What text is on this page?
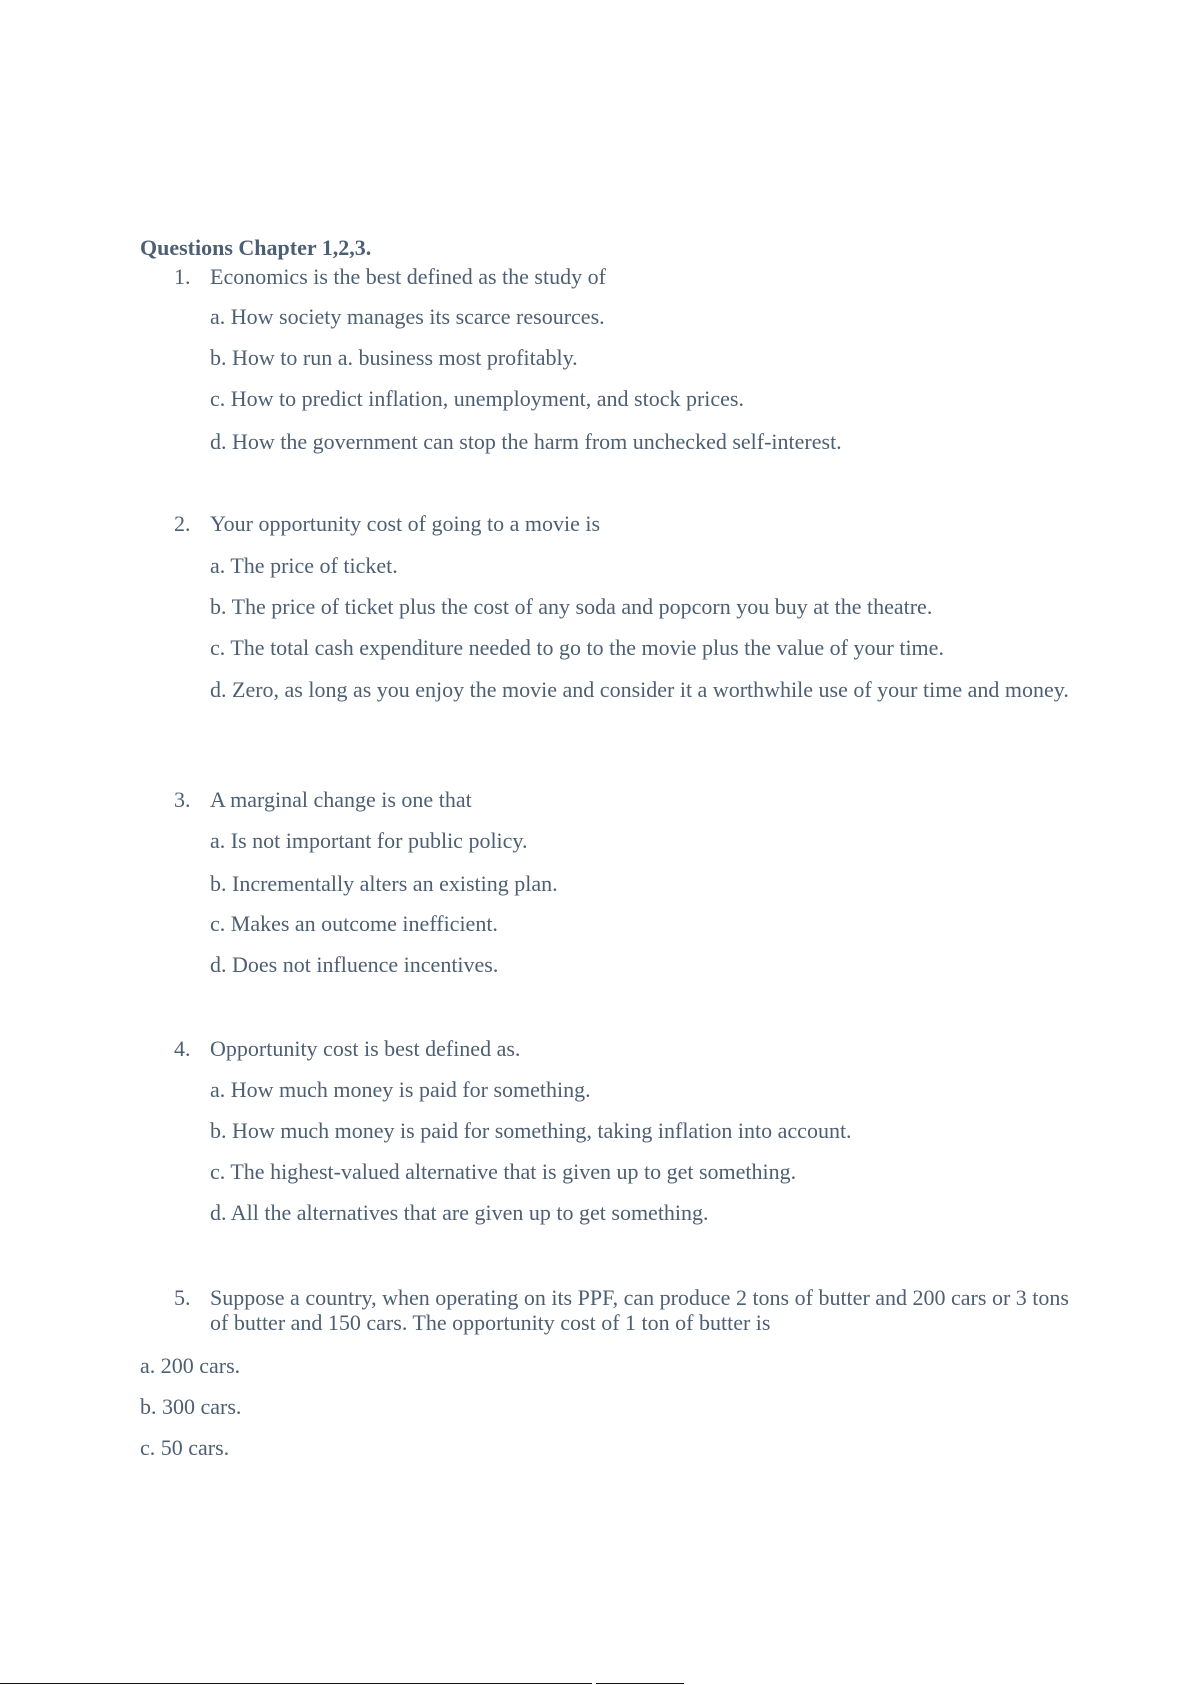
Questions Chapter 1,2,3.
1. Economics is the best defined as the study of
a. How society manages its scarce resources.
b. How to run a. business most profitably.
c. How to predict inflation, unemployment, and stock prices.
d. How the government can stop the harm from unchecked self-interest.
2. Your opportunity cost of going to a movie is
a. The price of ticket.
b. The price of ticket plus the cost of any soda and popcorn you buy at the theatre.
c. The total cash expenditure needed to go to the movie plus the value of your time.
d. Zero, as long as you enjoy the movie and consider it a worthwhile use of your time and money.
3. A marginal change is one that
a. Is not important for public policy.
b. Incrementally alters an existing plan.
c. Makes an outcome inefficient.
d. Does not influence incentives.
4. Opportunity cost is best defined as.
a. How much money is paid for something.
b. How much money is paid for something, taking inflation into account.
c. The highest-valued alternative that is given up to get something.
d. All the alternatives that are given up to get something.
5. Suppose a country, when operating on its PPF, can produce 2 tons of butter and 200 cars or 3 tons of butter and 150 cars. The opportunity cost of 1 ton of butter is
a. 200 cars.
b. 300 cars.
c. 50 cars.
